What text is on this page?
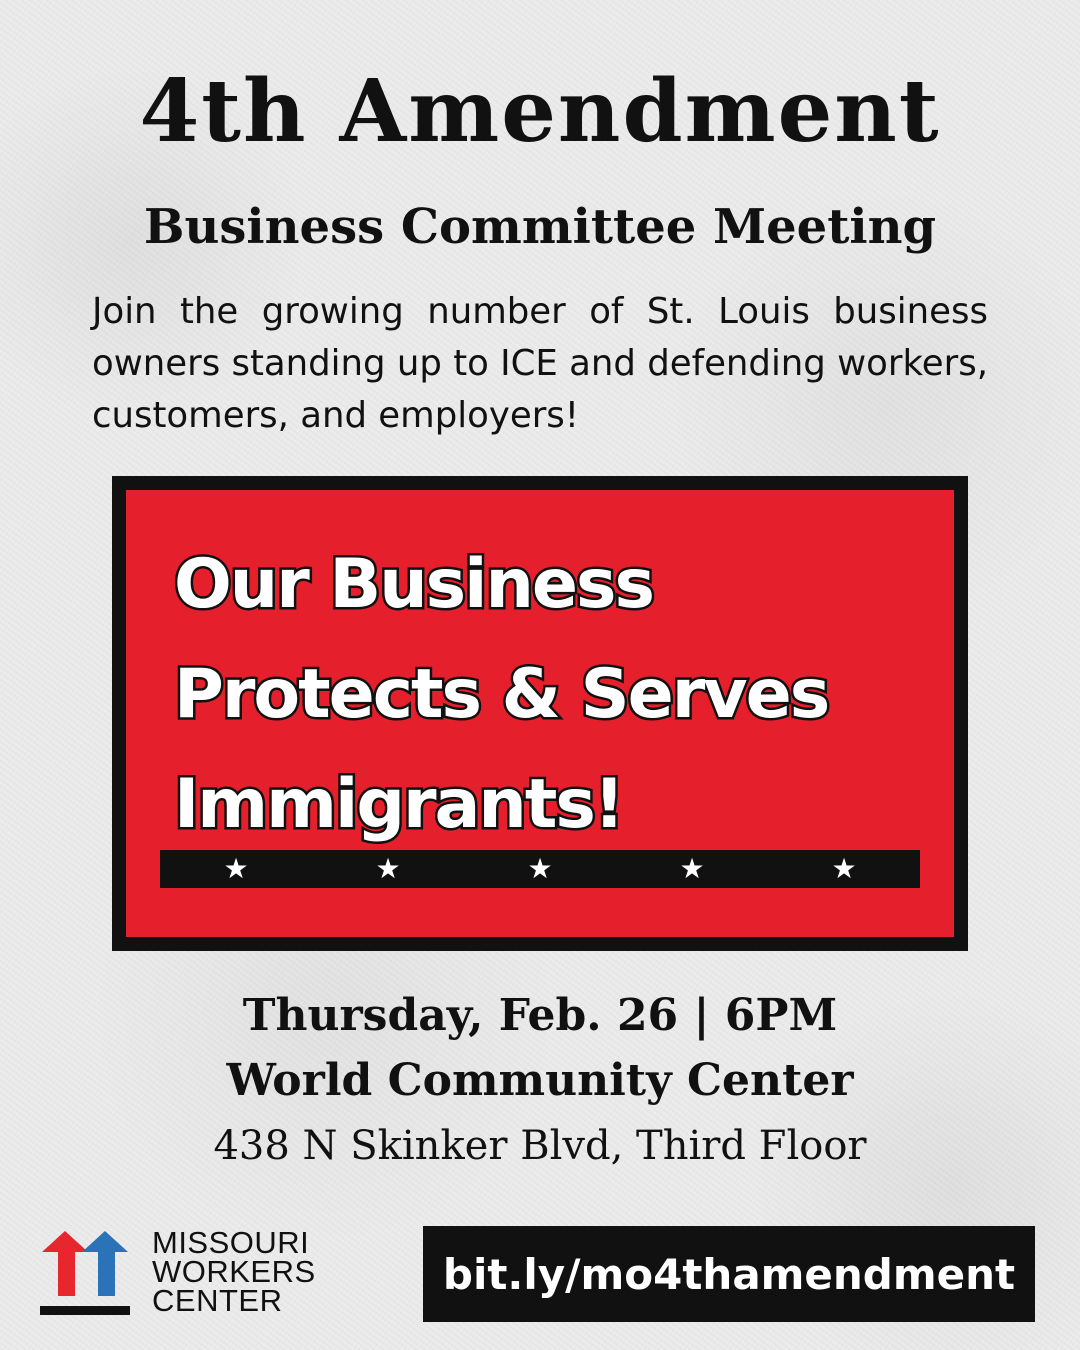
4th Amendment
Business Committee Meeting

Join the growing number of St. Louis business owners standing up to ICE and defending workers, customers, and employers!

Our Business
Protects & Serves
Immigrants!
★	★	★	★	★
Thursday, Feb. 26 | 6PM
World Community Center
438 N Skinker Blvd, Third Floor
MISSOURI
WORKERS
CENTER
bit.ly/mo4thamendment
